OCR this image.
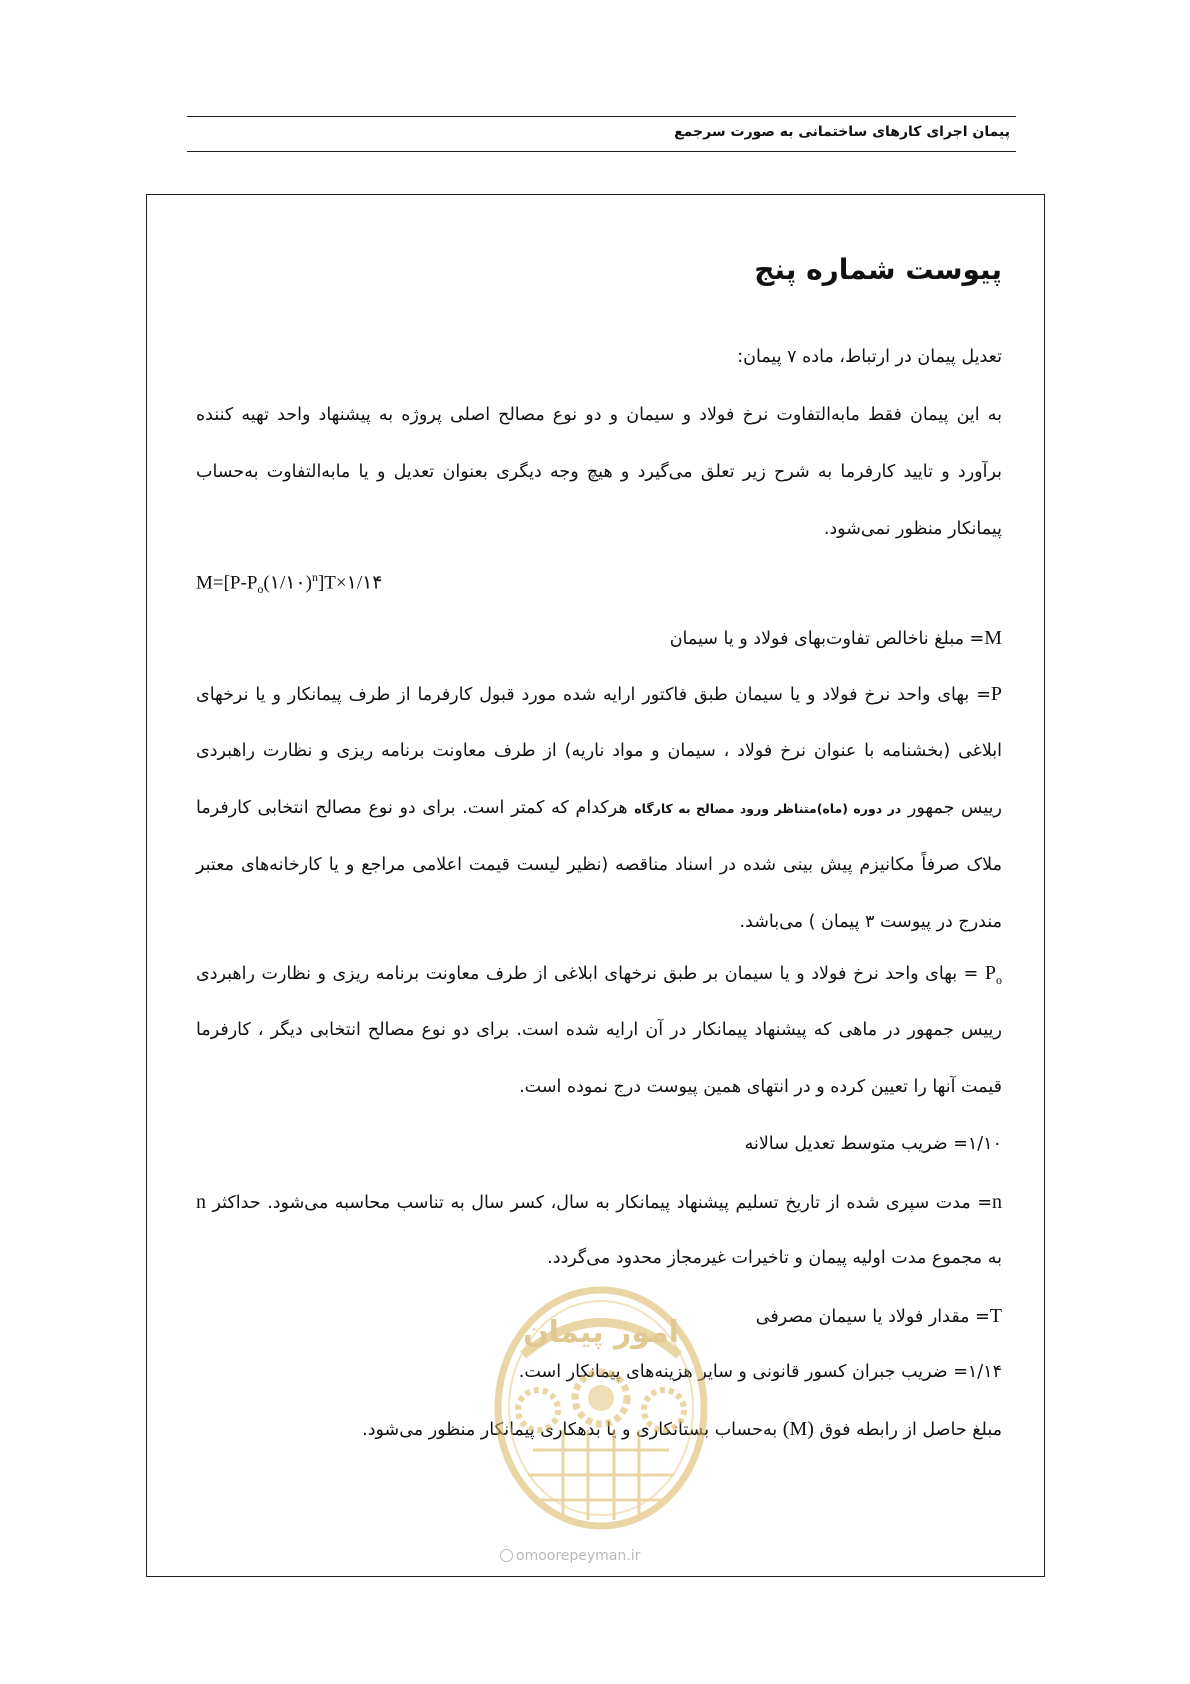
پیمان اجرای کارهای ساختمانی به صورت سرجمع
پیوست شماره پنج
تعدیل پیمان در ارتباط، ماده ۷ پیمان:
به این پیمان فقط مابه‌التفاوت نرخ فولاد و سیمان و دو نوع مصالح اصلی پروژه به پیشنهاد واحد تهیه کننده
برآورد و تایید کارفرما به شرح زیر تعلق می‌گیرد و هیچ وجه دیگری بعنوان تعدیل و یا مابه‌التفاوت به‌حساب
پیمانکار منظور نمی‌شود.
$M=[P-P_o(۱/۱۰)^n]T\times ۱/۱۴$
M= مبلغ ناخالص تفاوت‌بهای فولاد و یا سیمان
P= بهای واحد نرخ فولاد و یا سیمان طبق فاکتور ارایه شده مورد قبول کارفرما از طرف پیمانکار و یا نرخهای
ابلاغی (بخشنامه با عنوان نرخ فولاد ، سیمان و مواد ناریه) از طرف معاونت برنامه ریزی و نظارت راهبردی
رییس جمهور در دوره (ماه)متناظر ورود مصالح به کارگاه هرکدام که کمتر است. برای دو نوع مصالح انتخابی کارفرما
ملاک صرفاً مکانیزم پیش بینی شده در اسناد مناقصه (نظیر لیست قیمت اعلامی مراجع و یا کارخانه‌های معتبر
مندرج در پیوست ۳ پیمان ) می‌باشد.
$P_o$ = بهای واحد نرخ فولاد و یا سیمان بر طبق نرخهای ابلاغی از طرف معاونت برنامه ریزی و نظارت راهبردی
رییس جمهور در ماهی که پیشنهاد پیمانکار در آن ارایه شده است. برای دو نوع مصالح انتخابی دیگر ، کارفرما
قیمت آنها را تعیین کرده و در انتهای همین پیوست درج نموده است.
۱/۱۰= ضریب متوسط تعدیل سالانه
n= مدت سپری شده از تاریخ تسلیم پیشنهاد پیمانکار به سال، کسر سال به تناسب محاسبه می‌شود. حداکثر n
به مجموع مدت اولیه پیمان و تاخیرات غیرمجاز محدود می‌گردد.
T= مقدار فولاد یا سیمان مصرفی
۱/۱۴= ضریب جبران کسور قانونی و سایر هزینه‌های پیمانکار است.
مبلغ حاصل از رابطه فوق (M) به‌حساب بستانکاری و یا بدهکاری پیمانکار منظور می‌شود.
امور پیمان
omoorepeyman.ir
